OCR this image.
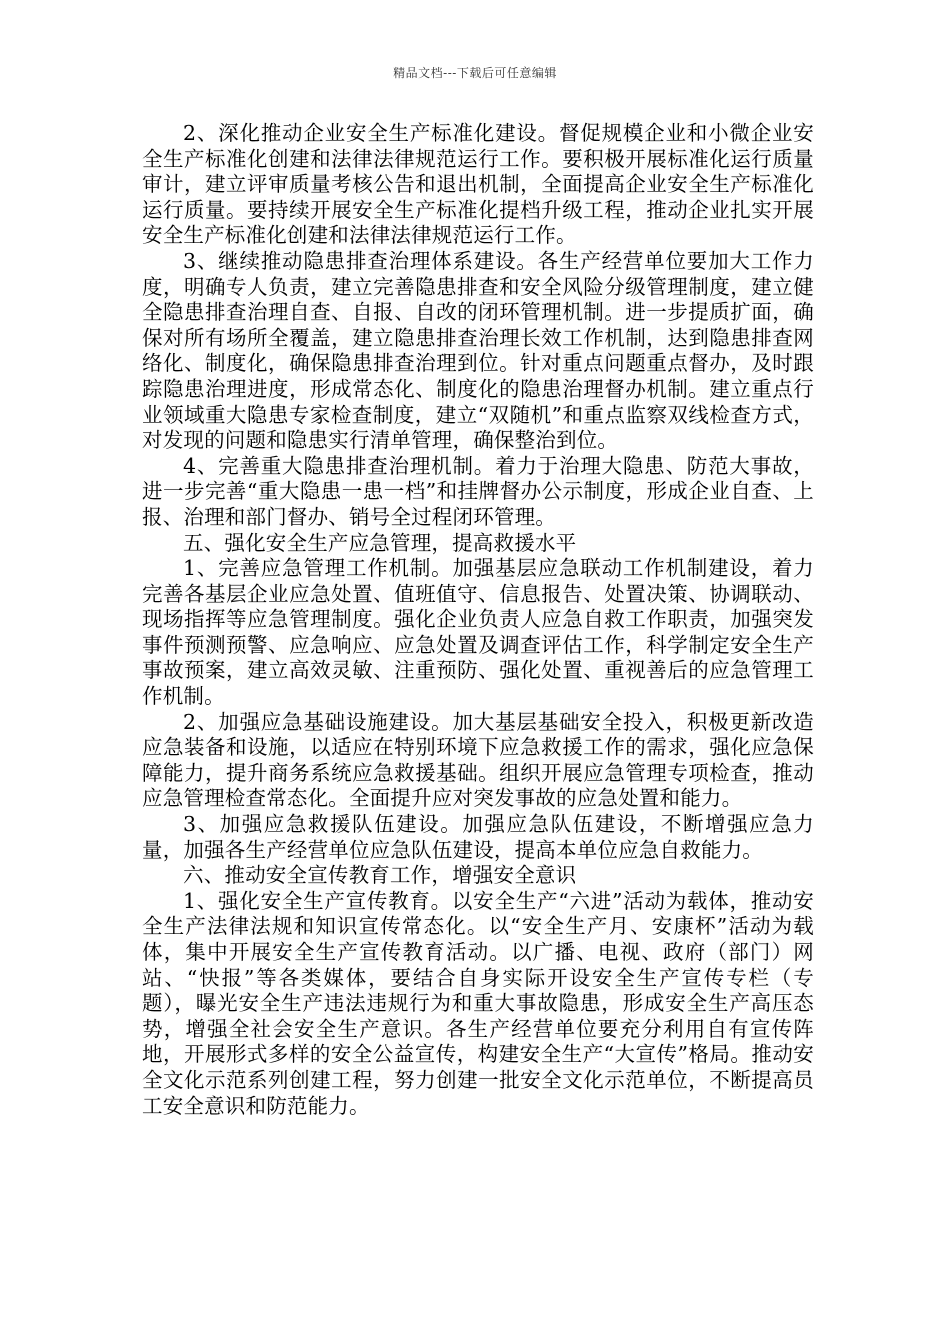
精品文档---下载后可任意编辑

2、深化推动企业安全生产标准化建设。督促规模企业和小微企业安全生产标准化创建和法律法律规范运行工作。要积极开展标准化运行质量审计，建立评审质量考核公告和退出机制，全面提高企业安全生产标准化运行质量。要持续开展安全生产标准化提档升级工程，推动企业扎实开展安全生产标准化创建和法律法律规范运行工作。

3、继续推动隐患排查治理体系建设。各生产经营单位要加大工作力度，明确专人负责，建立完善隐患排查和安全风险分级管理制度，建立健全隐患排查治理自查、自报、自改的闭环管理机制。进一步提质扩面，确保对所有场所全覆盖，建立隐患排查治理长效工作机制，达到隐患排查网络化、制度化，确保隐患排查治理到位。针对重点问题重点督办，及时跟踪隐患治理进度，形成常态化、制度化的隐患治理督办机制。建立重点行业领域重大隐患专家检查制度，建立“双随机”和重点监察双线检查方式，对发现的问题和隐患实行清单管理，确保整治到位。

4、完善重大隐患排查治理机制。着力于治理大隐患、防范大事故，进一步完善“重大隐患一患一档”和挂牌督办公示制度，形成企业自查、上报、治理和部门督办、销号全过程闭环管理。

五、强化安全生产应急管理，提高救援水平

1、完善应急管理工作机制。加强基层应急联动工作机制建设，着力完善各基层企业应急处置、值班值守、信息报告、处置决策、协调联动、现场指挥等应急管理制度。强化企业负责人应急自救工作职责，加强突发事件预测预警、应急响应、应急处置及调查评估工作，科学制定安全生产事故预案，建立高效灵敏、注重预防、强化处置、重视善后的应急管理工作机制。

2、加强应急基础设施建设。加大基层基础安全投入，积极更新改造应急装备和设施，以适应在特别环境下应急救援工作的需求，强化应急保障能力，提升商务系统应急救援基础。组织开展应急管理专项检查，推动应急管理检查常态化。全面提升应对突发事故的应急处置和能力。

3、加强应急救援队伍建设。加强应急队伍建设，不断增强应急力量，加强各生产经营单位应急队伍建设，提高本单位应急自救能力。

六、推动安全宣传教育工作，增强安全意识

1、强化安全生产宣传教育。以安全生产“六进”活动为载体，推动安全生产法律法规和知识宣传常态化。以“安全生产月、安康杯”活动为载体，集中开展安全生产宣传教育活动。以广播、电视、政府（部门）网站、“快报”等各类媒体，要结合自身实际开设安全生产宣传专栏（专题），曝光安全生产违法违规行为和重大事故隐患，形成安全生产高压态势，增强全社会安全生产意识。各生产经营单位要充分利用自有宣传阵地，开展形式多样的安全公益宣传，构建安全生产“大宣传”格局。推动安全文化示范系列创建工程，努力创建一批安全文化示范单位，不断提高员工安全意识和防范能力。
